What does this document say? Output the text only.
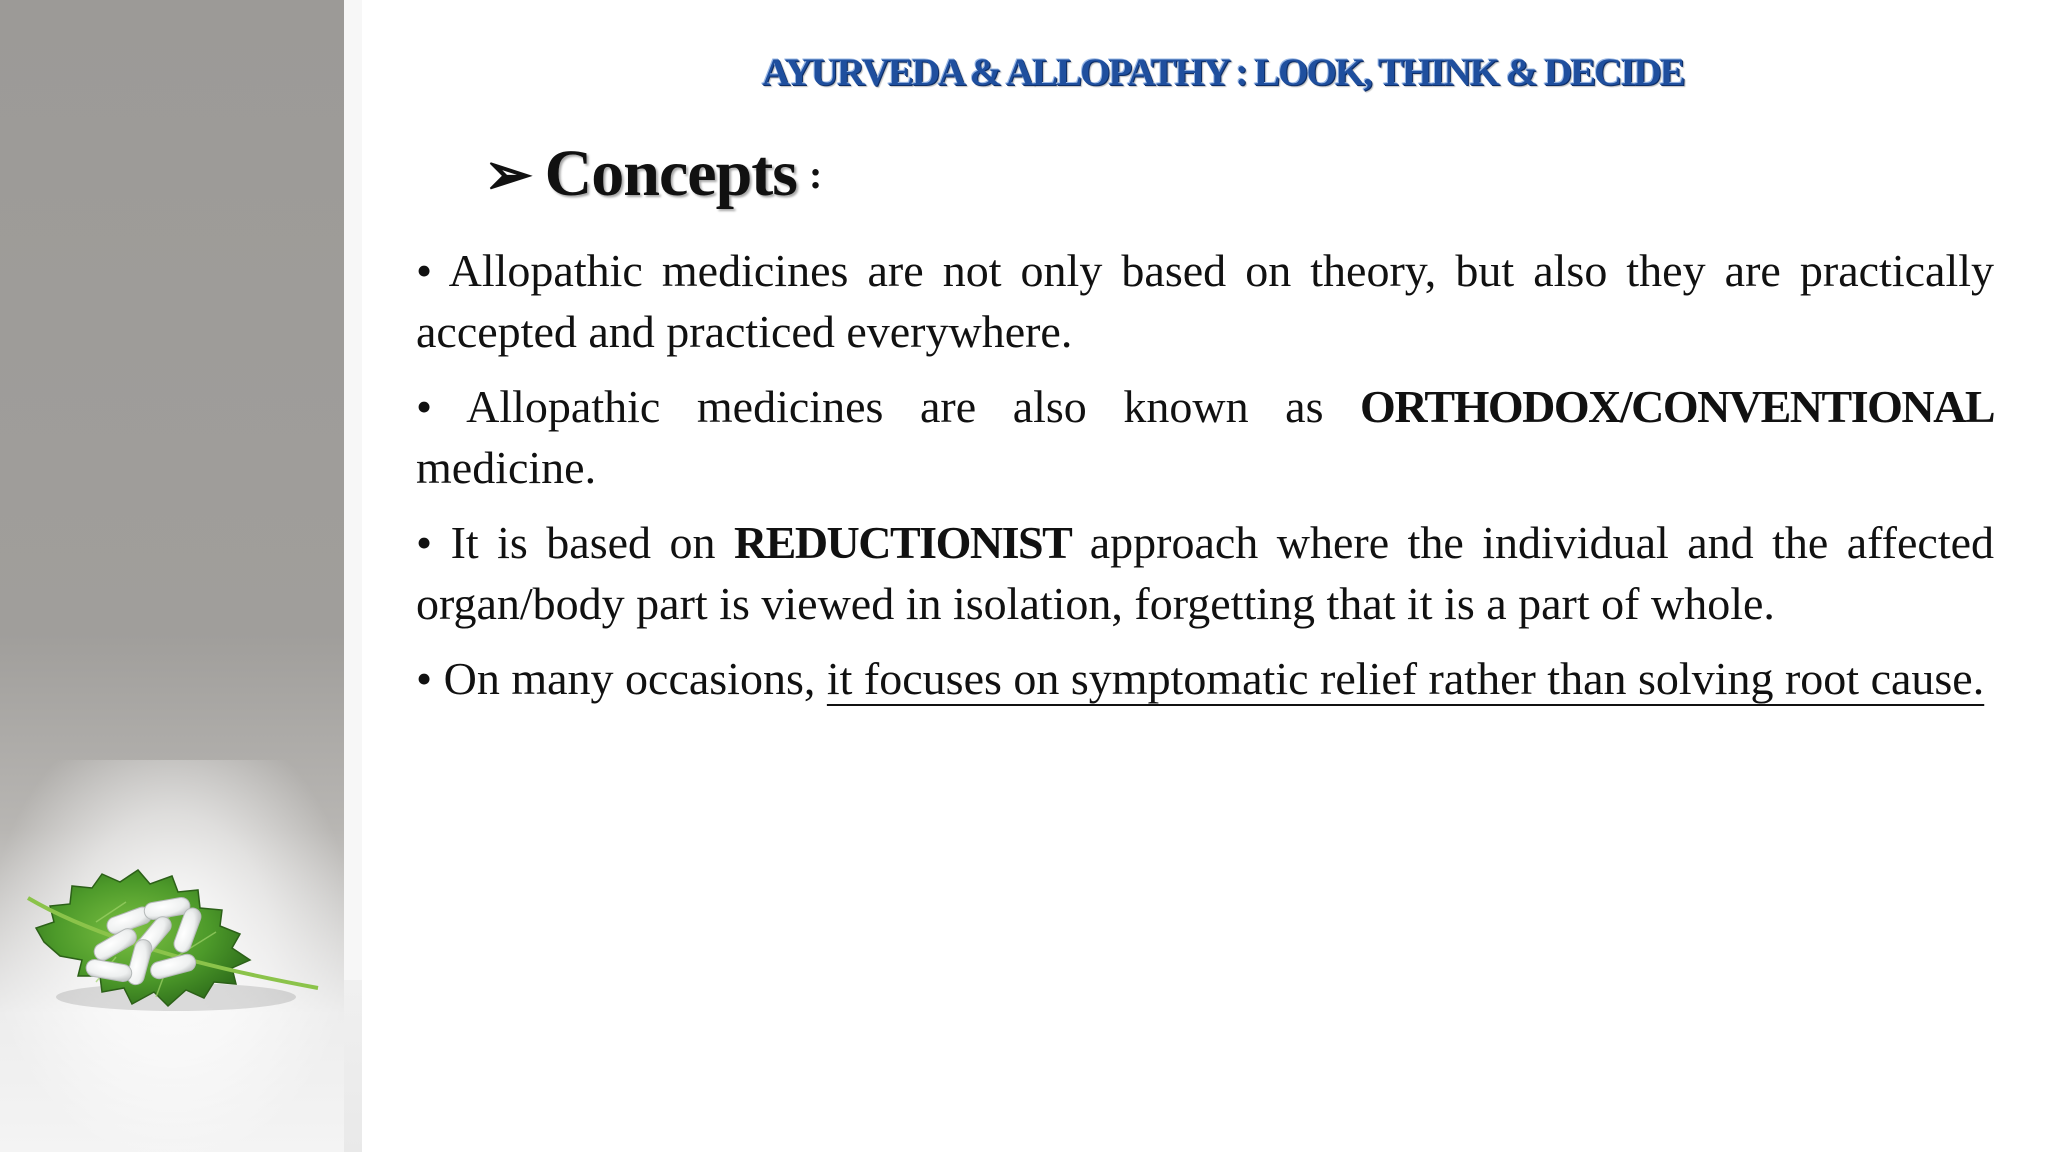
AYURVEDA & ALLOPATHY : LOOK, THINK & DECIDE
➢ Concepts :

• Allopathic medicines are not only based on theory, but also they are practically accepted and practiced everywhere.

• Allopathic medicines are also known as ORTHODOX/CONVENTIONAL medicine.

• It is based on REDUCTIONIST approach where the individual and the affected organ/body part is viewed in isolation, forgetting that it is a part of whole.

• On many occasions, it focuses on symptomatic relief rather than solving root cause.
